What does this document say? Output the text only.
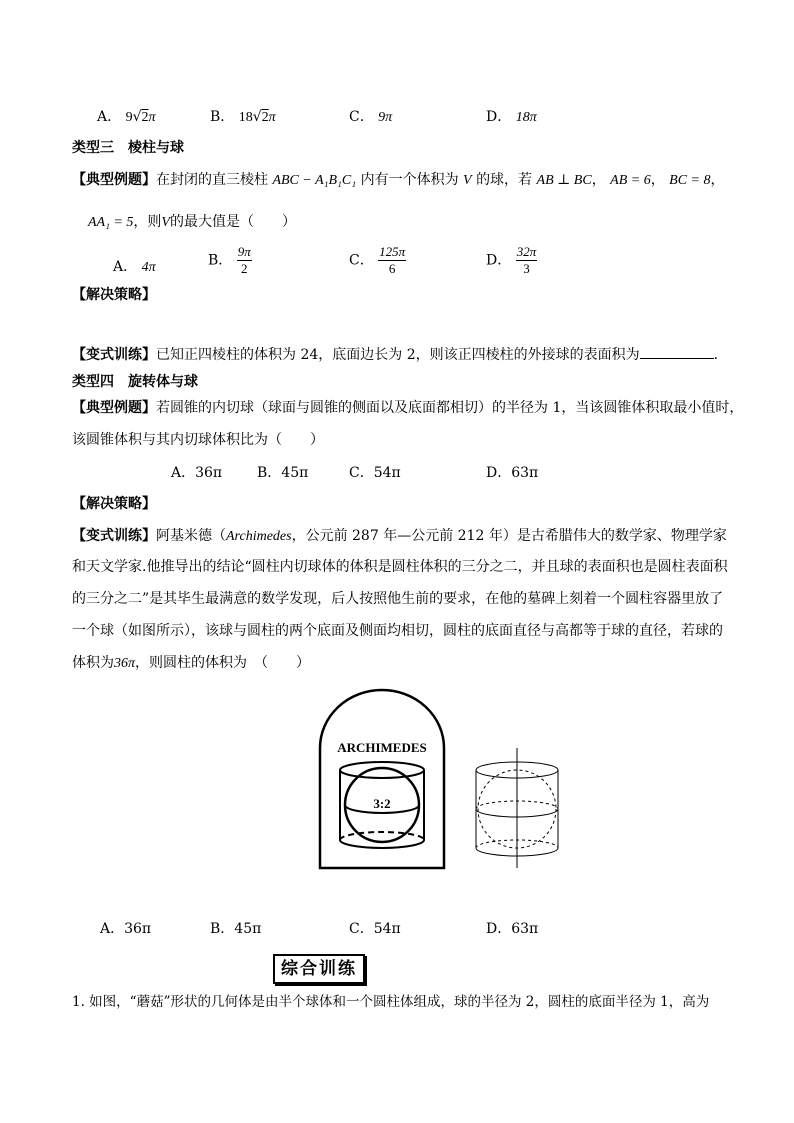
A． 9√2π	B． 18√2π	C． 9π	D． 18π
类型三　棱柱与球
【典型例题】在封闭的直三棱柱 ABC − A₁B₁C₁ 内有一个体积为 V 的球，若 AB ⊥ BC， AB = 6， BC = 8，
AA₁ = 5，则V的最大值是（　　）
A． 4π	B． $\frac{9\pi}{2}$	C． $\frac{125\pi}{6}$	D． $\frac{32\pi}{3}$
【解决策略】
【变式训练】已知正四棱柱的体积为 24，底面边长为 2，则该正四棱柱的外接球的表面积为	.
类型四　旋转体与球
【典型例题】若圆锥的内切球（球面与圆锥的侧面以及底面都相切）的半径为 1，当该圆锥体积取最小值时，
该圆锥体积与其内切球体积比为（　　）
A．36π B．45π	C．54π	D．63π
【解决策略】
【变式训练】阿基米德（Archimedes，公元前 287 年—公元前 212 年）是古希腊伟大的数学家、物理学家
和天文学家.他推导出的结论“圆柱内切球体的体积是圆柱体积的三分之二，并且球的表面积也是圆柱表面积
的三分之二”是其毕生最满意的数学发现，后人按照他生前的要求，在他的墓碑上刻着一个圆柱容器里放了
一个球（如图所示），该球与圆柱的两个底面及侧面均相切，圆柱的底面直径与高都等于球的直径，若球的
体积为36π，则圆柱的体积为　（　　）
ARCHIMEDES
3:2
A．36π	B．45π	C．54π	D．63π
综合训练
1. 如图，“蘑菇”形状的几何体是由半个球体和一个圆柱体组成，球的半径为 2，圆柱的底面半径为 1，高为
